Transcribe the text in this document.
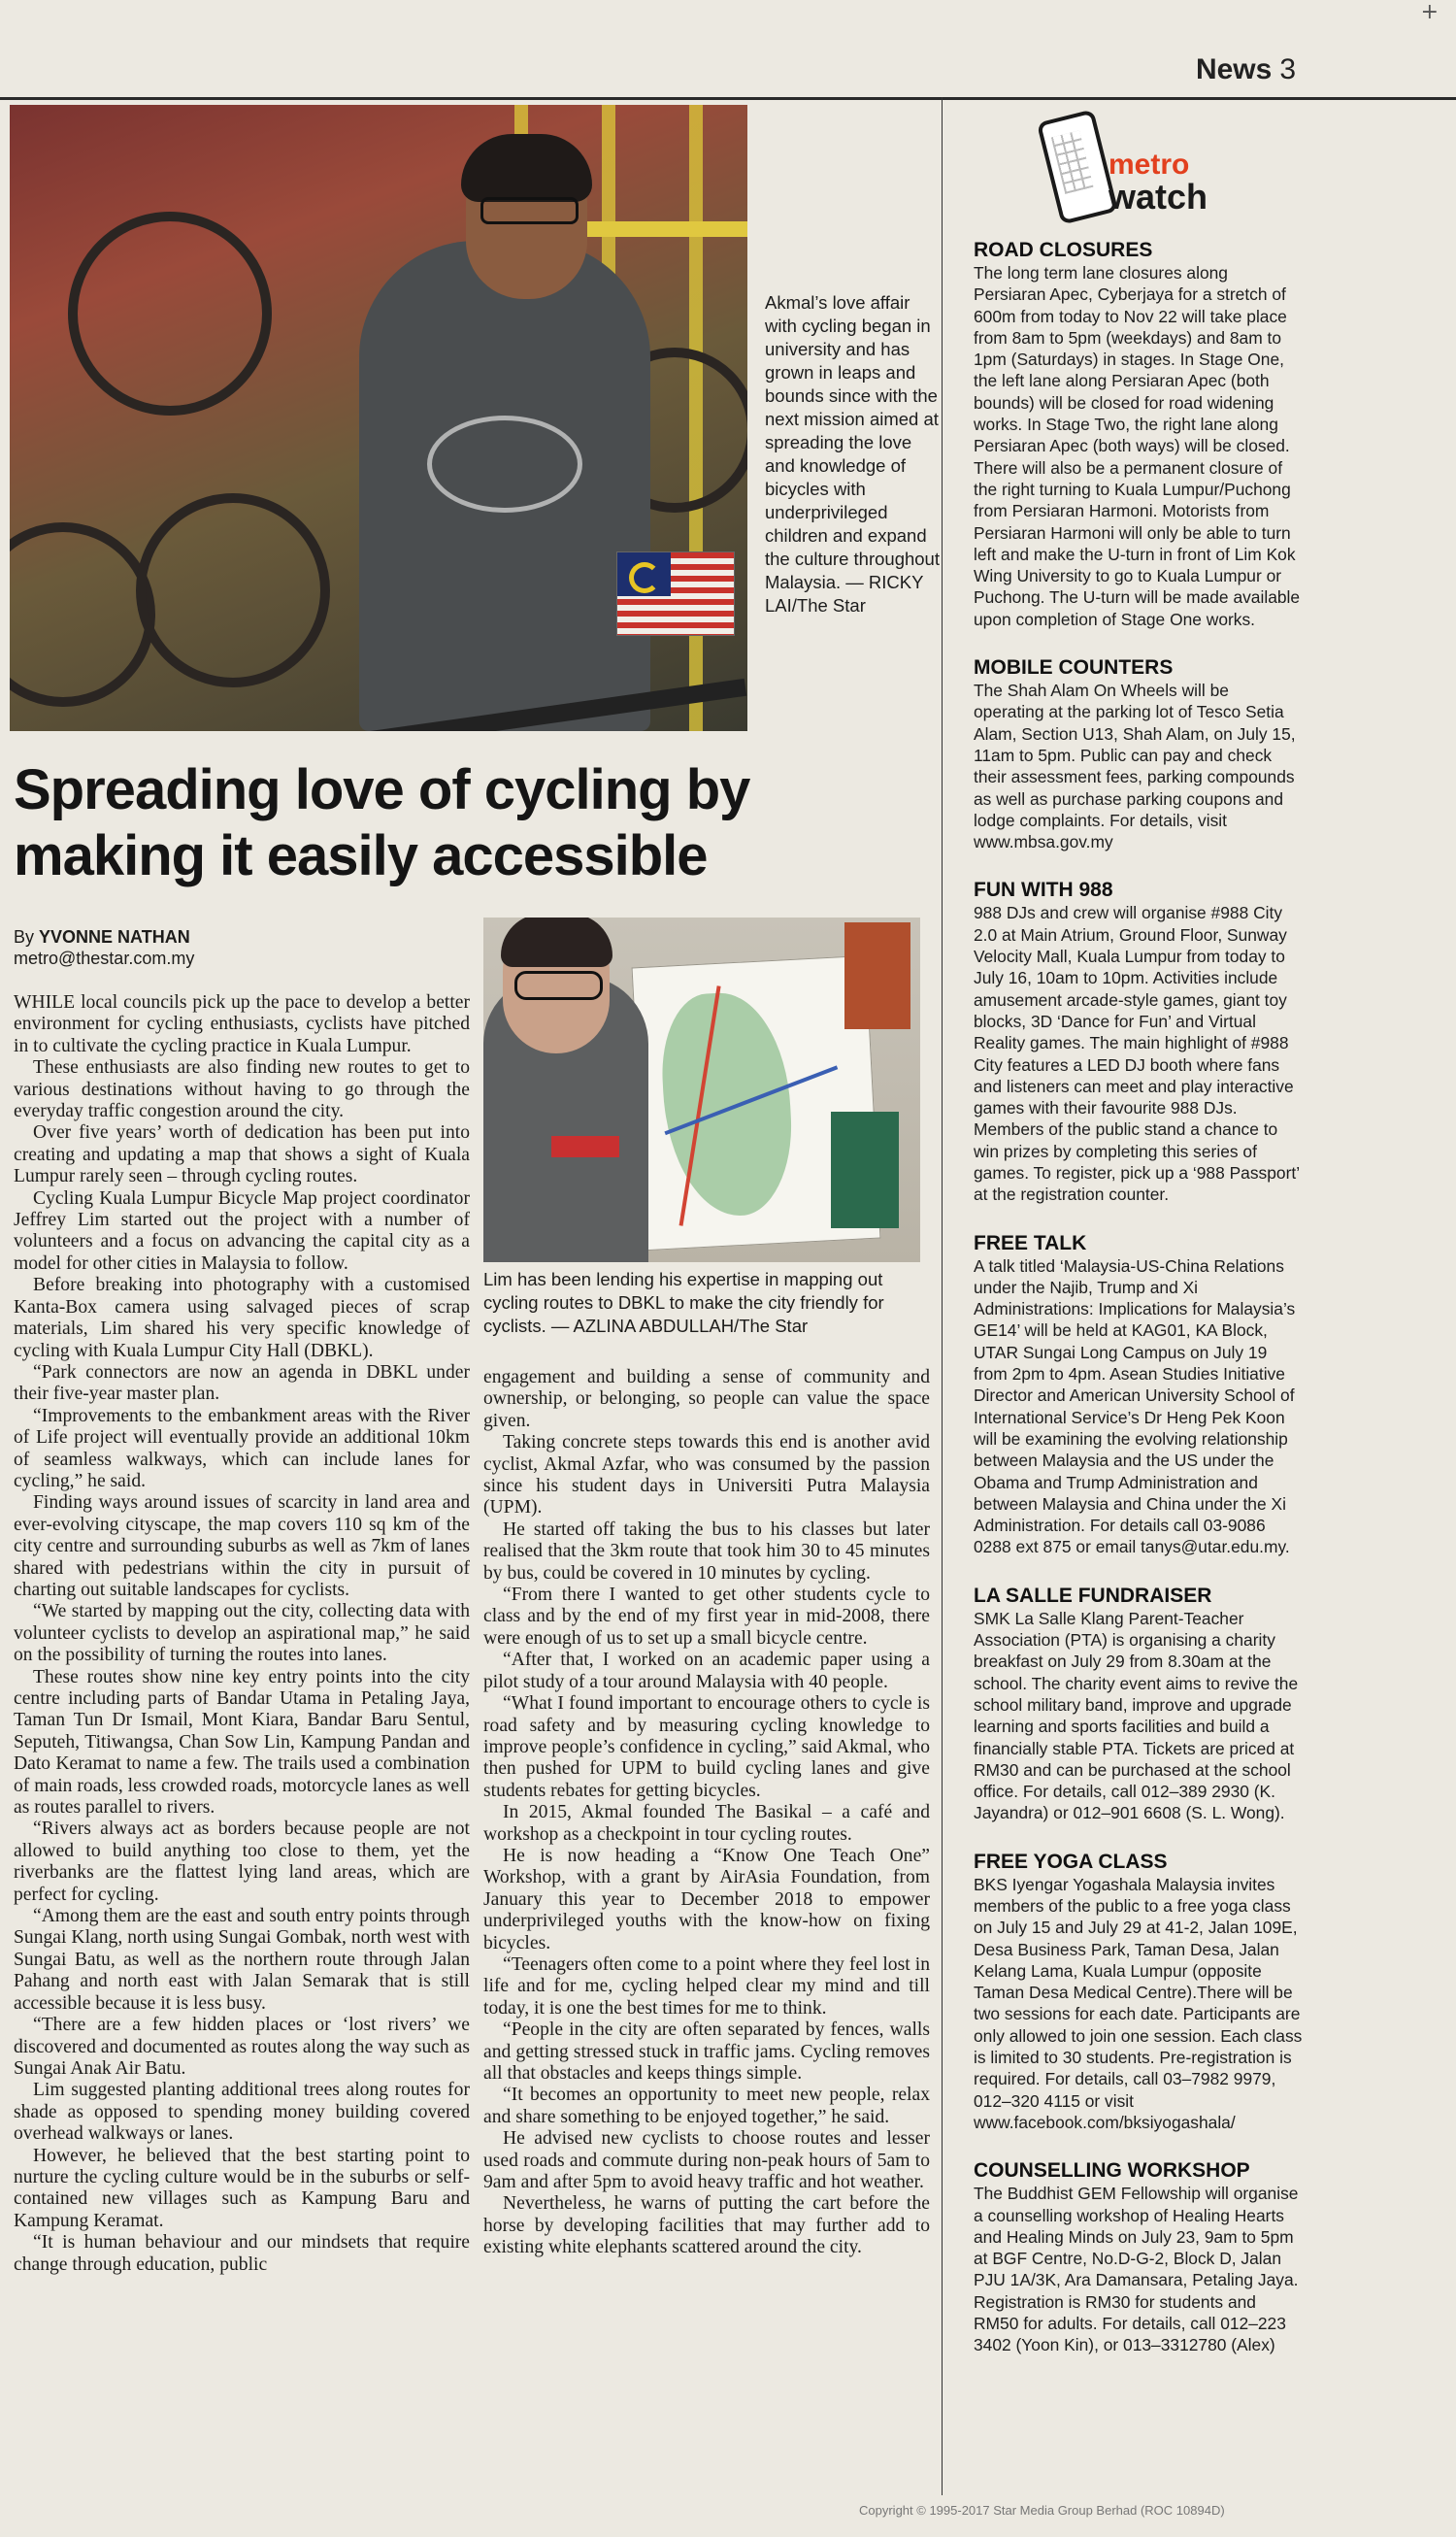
+
News 3
Akmal’s love affair with cycling began in university and has grown in leaps and bounds since with the next mission aimed at spreading the love and knowledge of bicycles with underprivileged children and expand the culture throughout Malaysia. — RICKY LAI/The Star
Spreading love of cycling by making it easily accessible
By YVONNE NATHAN
metro@thestar.com.my
Lim has been lending his expertise in mapping out cycling routes to DBKL to make the city friendly for cyclists. — AZLINA ABDULLAH/The Star

WHILE local councils pick up the pace to develop a better environment for cycling enthusiasts, cyclists have pitched in to cultivate the cycling practice in Kuala Lumpur.

These enthusiasts are also finding new routes to get to various destinations without having to go through the everyday traffic congestion around the city.

Over five years’ worth of dedication has been put into creating and updating a map that shows a sight of Kuala Lumpur rarely seen – through cycling routes.

Cycling Kuala Lumpur Bicycle Map project coordinator Jeffrey Lim started out the project with a number of volunteers and a focus on advancing the capital city as a model for other cities in Malaysia to follow.

Before breaking into photography with a customised Kanta-Box camera using salvaged pieces of scrap materials, Lim shared his very specific knowledge of cycling with Kuala Lumpur City Hall (DBKL).

“Park connectors are now an agenda in DBKL under their five-year master plan.

“Improvements to the embankment areas with the River of Life project will eventually provide an additional 10km of seamless walkways, which can include lanes for cycling,” he said.

Finding ways around issues of scarcity in land area and ever-evolving cityscape, the map covers 110 sq km of the city centre and surrounding suburbs as well as 7km of lanes shared with pedestrians within the city in pursuit of charting out suitable landscapes for cyclists.

“We started by mapping out the city, collecting data with volunteer cyclists to develop an aspirational map,” he said on the possibility of turning the routes into lanes.

These routes show nine key entry points into the city centre including parts of Bandar Utama in Petaling Jaya, Taman Tun Dr Ismail, Mont Kiara, Bandar Baru Sentul, Seputeh, Titiwangsa, Chan Sow Lin, Kampung Pandan and Dato Keramat to name a few. The trails used a combination of main roads, less crowded roads, motorcycle lanes as well as routes parallel to rivers.

“Rivers always act as borders because people are not allowed to build anything too close to them, yet the riverbanks are the flattest lying land areas, which are perfect for cycling.

“Among them are the east and south entry points through Sungai Klang, north using Sungai Gombak, north west with Sungai Batu, as well as the northern route through Jalan Pahang and north east with Jalan Semarak that is still accessible because it is less busy.

“There are a few hidden places or ‘lost rivers’ we discovered and documented as routes along the way such as Sungai Anak Air Batu.

Lim suggested planting additional trees along routes for shade as opposed to spending money building covered overhead walkways or lanes.

However, he believed that the best starting point to nurture the cycling culture would be in the suburbs or self-contained new villages such as Kampung Baru and Kampung Keramat.

“It is human behaviour and our mindsets that require change through education, public

engagement and building a sense of community and ownership, or belonging, so people can value the space given.

Taking concrete steps towards this end is another avid cyclist, Akmal Azfar, who was consumed by the passion since his student days in Universiti Putra Malaysia (UPM).

He started off taking the bus to his classes but later realised that the 3km route that took him 30 to 45 minutes by bus, could be covered in 10 minutes by cycling.

“From there I wanted to get other students cycle to class and by the end of my first year in mid-2008, there were enough of us to set up a small bicycle centre.

“After that, I worked on an academic paper using a pilot study of a tour around Malaysia with 40 people.

“What I found important to encourage others to cycle is road safety and by measuring cycling knowledge to improve people’s confidence in cycling,” said Akmal, who then pushed for UPM to build cycling lanes and give students rebates for getting bicycles.

In 2015, Akmal founded The Basikal – a café and workshop as a checkpoint in tour cycling routes.

He is now heading a “Know One Teach One” Workshop, with a grant by AirAsia Foundation, from January this year to December 2018 to empower underprivileged youths with the know-how on fixing bicycles.

“Teenagers often come to a point where they feel lost in life and for me, cycling helped clear my mind and till today, it is one the best times for me to think.

“People in the city are often separated by fences, walls and getting stressed stuck in traffic jams. Cycling removes all that obstacles and keeps things simple.

“It becomes an opportunity to meet new people, relax and share something to be enjoyed together,” he said.

He advised new cyclists to choose routes and lesser used roads and commute during non-peak hours of 5am to 9am and after 5pm to avoid heavy traffic and hot weather.

Nevertheless, he warns of putting the cart before the horse by developing facilities that may further add to existing white elephants scattered around the city.

metro
watch
ROAD CLOSURES
The long term lane closures along Persiaran Apec, Cyberjaya for a stretch of 600m from today to Nov 22 will take place from 8am to 5pm (weekdays) and 8am to 1pm (Saturdays) in stages. In Stage One, the left lane along Persiaran Apec (both bounds) will be closed for road widening works. In Stage Two, the right lane along Persiaran Apec (both ways) will be closed. There will also be a permanent closure of the right turning to Kuala Lumpur/Puchong from Persiaran Harmoni. Motorists from Persiaran Harmoni will only be able to turn left and make the U-turn in front of Lim Kok Wing University to go to Kuala Lumpur or Puchong. The U-turn will be made available upon completion of Stage One works.
MOBILE COUNTERS
The Shah Alam On Wheels will be operating at the parking lot of Tesco Setia Alam, Section U13, Shah Alam, on July 15, 11am to 5pm. Public can pay and check their assessment fees, parking compounds as well as purchase parking coupons and lodge complaints. For details, visit www.mbsa.gov.my
FUN WITH 988
988 DJs and crew will organise #988 City 2.0 at Main Atrium, Ground Floor, Sunway Velocity Mall, Kuala Lumpur from today to July 16, 10am to 10pm. Activities include amusement arcade-style games, giant toy blocks, 3D ‘Dance for Fun’ and Virtual Reality games. The main highlight of #988 City features a LED DJ booth where fans and listeners can meet and play interactive games with their favourite 988 DJs. Members of the public stand a chance to win prizes by completing this series of games. To register, pick up a ‘988 Passport’ at the registration counter.
FREE TALK
A talk titled ‘Malaysia-US-China Relations under the Najib, Trump and Xi Administrations: Implications for Malaysia’s GE14’ will be held at KAG01, KA Block, UTAR Sungai Long Campus on July 19 from 2pm to 4pm. Asean Studies Initiative Director and American University School of International Service’s Dr Heng Pek Koon will be examining the evolving relationship between Malaysia and the US under the Obama and Trump Administration and between Malaysia and China under the Xi Administration. For details call 03-9086 0288 ext 875 or email tanys@utar.edu.my.
LA SALLE FUNDRAISER
SMK La Salle Klang Parent-Teacher Association (PTA) is organising a charity breakfast on July 29 from 8.30am at the school. The charity event aims to revive the school military band, improve and upgrade learning and sports facilities and build a financially stable PTA. Tickets are priced at RM30 and can be purchased at the school office. For details, call 012–389 2930 (K. Jayandra) or 012–901 6608 (S. L. Wong).
FREE YOGA CLASS
BKS Iyengar Yogashala Malaysia invites members of the public to a free yoga class on July 15 and July 29 at 41-2, Jalan 109E, Desa Business Park, Taman Desa, Jalan Kelang Lama, Kuala Lumpur (opposite Taman Desa Medical Centre).There will be two sessions for each date. Participants are only allowed to join one session. Each class is limited to 30 students. Pre-registration is required. For details, call 03–7982 9979, 012–320 4115 or visit www.facebook.com/bksiyogashala/
COUNSELLING WORKSHOP
The Buddhist GEM Fellowship will organise a counselling workshop of Healing Hearts and Healing Minds on July 23, 9am to 5pm at BGF Centre, No.D-G-2, Block D, Jalan PJU 1A/3K, Ara Damansara, Petaling Jaya. Registration is RM30 for students and RM50 for adults. For details, call 012–223 3402 (Yoon Kin), or 013–3312780 (Alex)
Copyright © 1995-2017 Star Media Group Berhad (ROC 10894D)
